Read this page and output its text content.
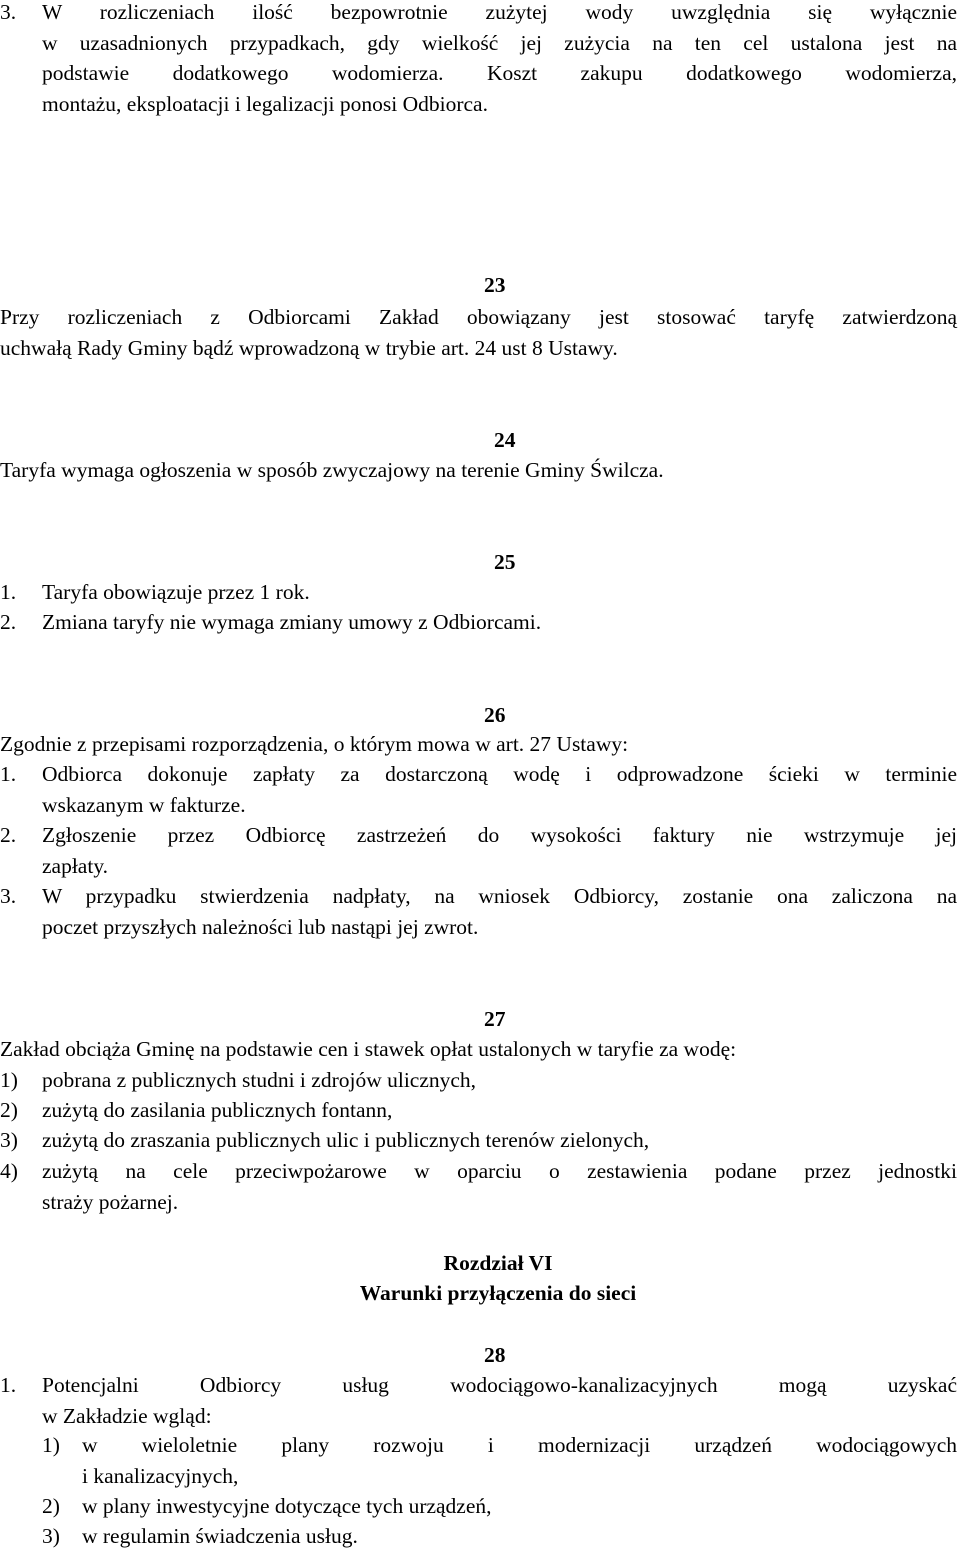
3.	W rozliczeniach ilość bezpowrotnie zużytej wody uwzględnia się wyłącznie
w uzasadnionych przypadkach, gdy wielkość jej zużycia na ten cel ustalona jest na
podstawie dodatkowego wodomierza. Koszt zakupu dodatkowego wodomierza,
montażu, eksploatacji i legalizacji ponosi Odbiorca.
23
Przy rozliczeniach z Odbiorcami Zakład obowiązany jest stosować taryfę zatwierdzoną
uchwałą Rady Gminy bądź wprowadzoną w trybie art. 24 ust 8 Ustawy.
24
Taryfa wymaga ogłoszenia w sposób zwyczajowy na terenie Gminy Świlcza.
25
1.	Taryfa obowiązuje przez 1 rok.
2.	Zmiana taryfy nie wymaga zmiany umowy z Odbiorcami.
26
Zgodnie z przepisami rozporządzenia, o którym mowa w art. 27 Ustawy:
1.	Odbiorca dokonuje zapłaty za dostarczoną wodę i odprowadzone ścieki w terminie
wskazanym w fakturze.
2.	Zgłoszenie przez Odbiorcę zastrzeżeń do wysokości faktury nie wstrzymuje jej
zapłaty.
3.	W przypadku stwierdzenia nadpłaty, na wniosek Odbiorcy, zostanie ona zaliczona na
poczet przyszłych należności lub nastąpi jej zwrot.
27
Zakład obciąża Gminę na podstawie cen i stawek opłat ustalonych w taryfie za wodę:
1)	pobrana z publicznych studni i zdrojów ulicznych,
2)	zużytą do zasilania publicznych fontann,
3)	zużytą do zraszania publicznych ulic i publicznych terenów zielonych,
4)	zużytą na cele przeciwpożarowe w oparciu o zestawienia podane przez jednostki
straży pożarnej.
Rozdział VI
Warunki przyłączenia do sieci
28
1.	Potencjalni Odbiorcy usług wodociągowo-kanalizacyjnych mogą uzyskać
w Zakładzie wgląd:
1)	w wieloletnie plany rozwoju i modernizacji urządzeń wodociągowych
i kanalizacyjnych,
2)	w plany inwestycyjne dotyczące tych urządzeń,
3)	w regulamin świadczenia usług.
